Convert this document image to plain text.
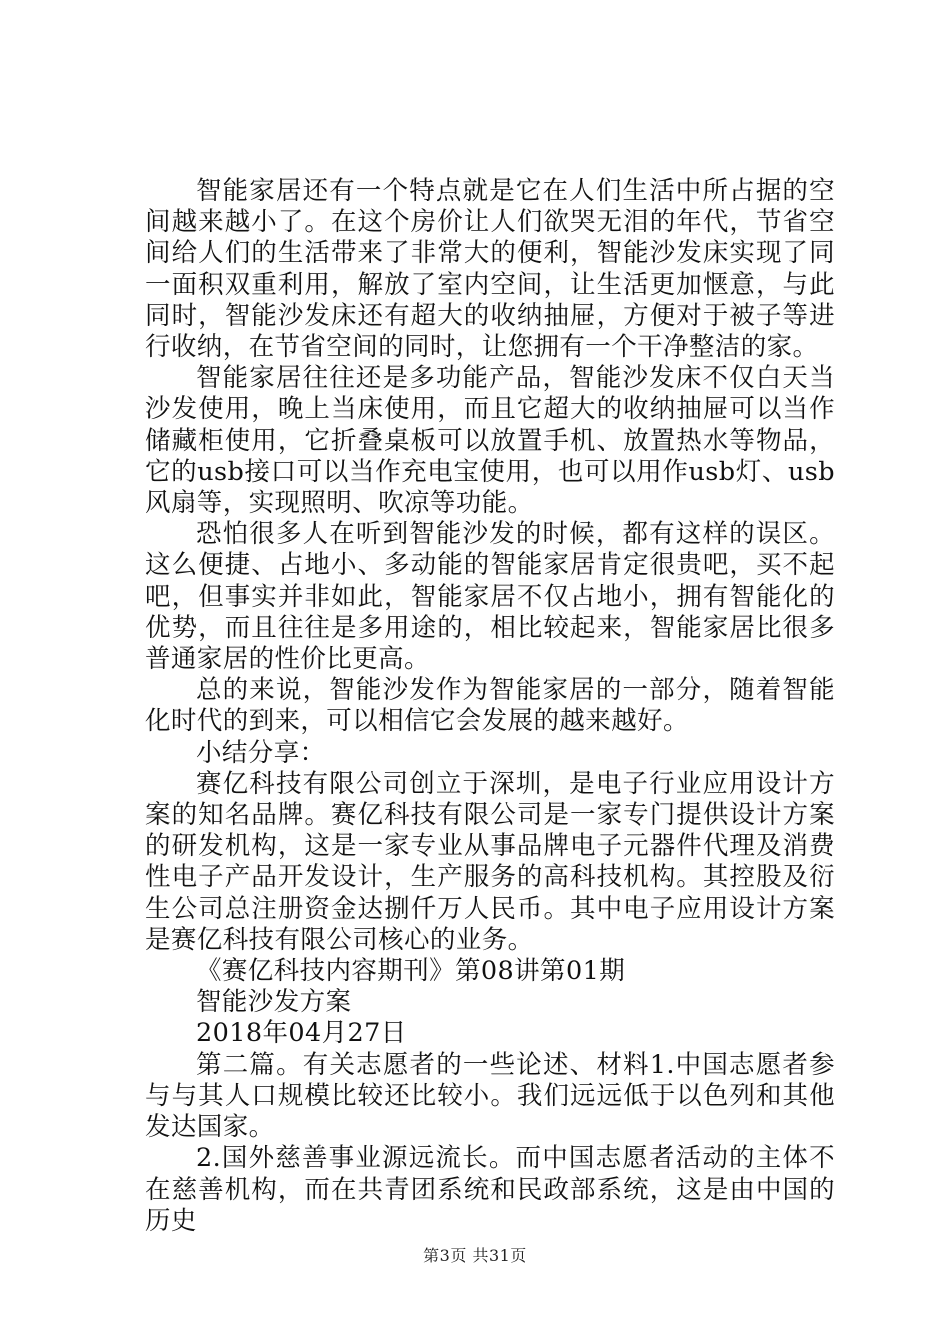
智能家居还有一个特点就是它在人们生活中所占据的空间越来越小了。在这个房价让人们欲哭无泪的年代，节省空间给人们的生活带来了非常大的便利，智能沙发床实现了同一面积双重利用，解放了室内空间，让生活更加惬意，与此同时，智能沙发床还有超大的收纳抽屉，方便对于被子等进行收纳，在节省空间的同时，让您拥有一个干净整洁的家。

智能家居往往还是多功能产品，智能沙发床不仅白天当沙发使用，晚上当床使用，而且它超大的收纳抽屉可以当作储藏柜使用，它折叠桌板可以放置手机、放置热水等物品，它的usb接口可以当作充电宝使用，也可以用作usb灯、usb风扇等，实现照明、吹凉等功能。

恐怕很多人在听到智能沙发的时候，都有这样的误区。这么便捷、占地小、多动能的智能家居肯定很贵吧，买不起吧，但事实并非如此，智能家居不仅占地小，拥有智能化的优势，而且往往是多用途的，相比较起来，智能家居比很多普通家居的性价比更高。

总的来说，智能沙发作为智能家居的一部分，随着智能化时代的到来，可以相信它会发展的越来越好。

小结分享：

赛亿科技有限公司创立于深圳，是电子行业应用设计方案的知名品牌。赛亿科技有限公司是一家专门提供设计方案的研发机构，这是一家专业从事品牌电子元器件代理及消费性电子产品开发设计，生产服务的高科技机构。其控股及衍生公司总注册资金达捌仟万人民币。其中电子应用设计方案是赛亿科技有限公司核心的业务。

《赛亿科技内容期刊》第08讲第01期

智能沙发方案

2018年04月27日

第二篇。有关志愿者的一些论述、材料1.中国志愿者参与与其人口规模比较还比较小。我们远远低于以色列和其他发达国家。

2.国外慈善事业源远流长。而中国志愿者活动的主体不在慈善机构，而在共青团系统和民政部系统，这是由中国的历史

第3页 共31页
